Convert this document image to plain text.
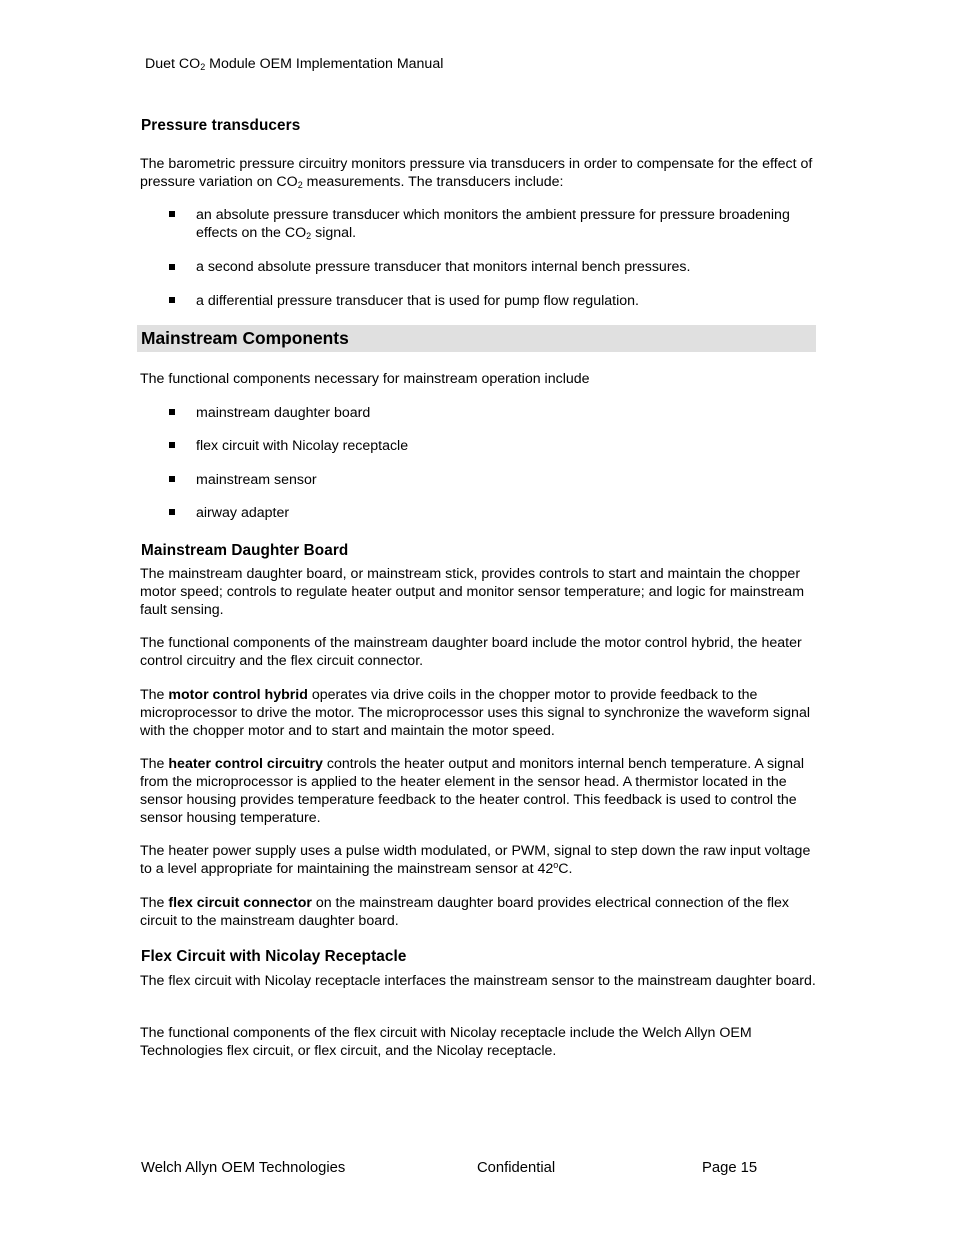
Duet $CO_2$ Module OEM Implementation Manual
Pressure transducers

The barometric pressure circuitry monitors pressure via transducers in order to compensate for the effect of pressure variation on $CO_2$ measurements. The transducers include:

an absolute pressure transducer which monitors the ambient pressure for pressure broadening effects on the $CO_2$ signal.
a second absolute pressure transducer that monitors internal bench pressures.
a differential pressure transducer that is used for pump flow regulation.
Mainstream Components

The functional components necessary for mainstream operation include

mainstream daughter board
flex circuit with Nicolay receptacle
mainstream sensor
airway adapter
Mainstream Daughter Board

The mainstream daughter board, or mainstream stick, provides controls to start and maintain the chopper motor speed; controls to regulate heater output and monitor sensor temperature; and logic for mainstream fault sensing.

The functional components of the mainstream daughter board include the motor control hybrid, the heater control circuitry and the flex circuit connector.

The motor control hybrid operates via drive coils in the chopper motor to provide feedback to the microprocessor to drive the motor. The microprocessor uses this signal to synchronize the waveform signal with the chopper motor and to start and maintain the motor speed.

The heater control circuitry controls the heater output and monitors internal bench temperature. A signal from the microprocessor is applied to the heater element in the sensor head. A thermistor located in the sensor housing provides temperature feedback to the heater control. This feedback is used to control the sensor housing temperature.

The heater power supply uses a pulse width modulated, or PWM, signal to step down the raw input voltage to a level appropriate for maintaining the mainstream sensor at 42$^o$C.

The flex circuit connector on the mainstream daughter board provides electrical connection of the flex circuit to the mainstream daughter board.

Flex Circuit with Nicolay Receptacle

The flex circuit with Nicolay receptacle interfaces the mainstream sensor to the mainstream daughter board.

The functional components of the flex circuit with Nicolay receptacle include the Welch Allyn OEM Technologies flex circuit, or flex circuit, and the Nicolay receptacle.

Welch Allyn OEM Technologies	Confidential	Page 15
